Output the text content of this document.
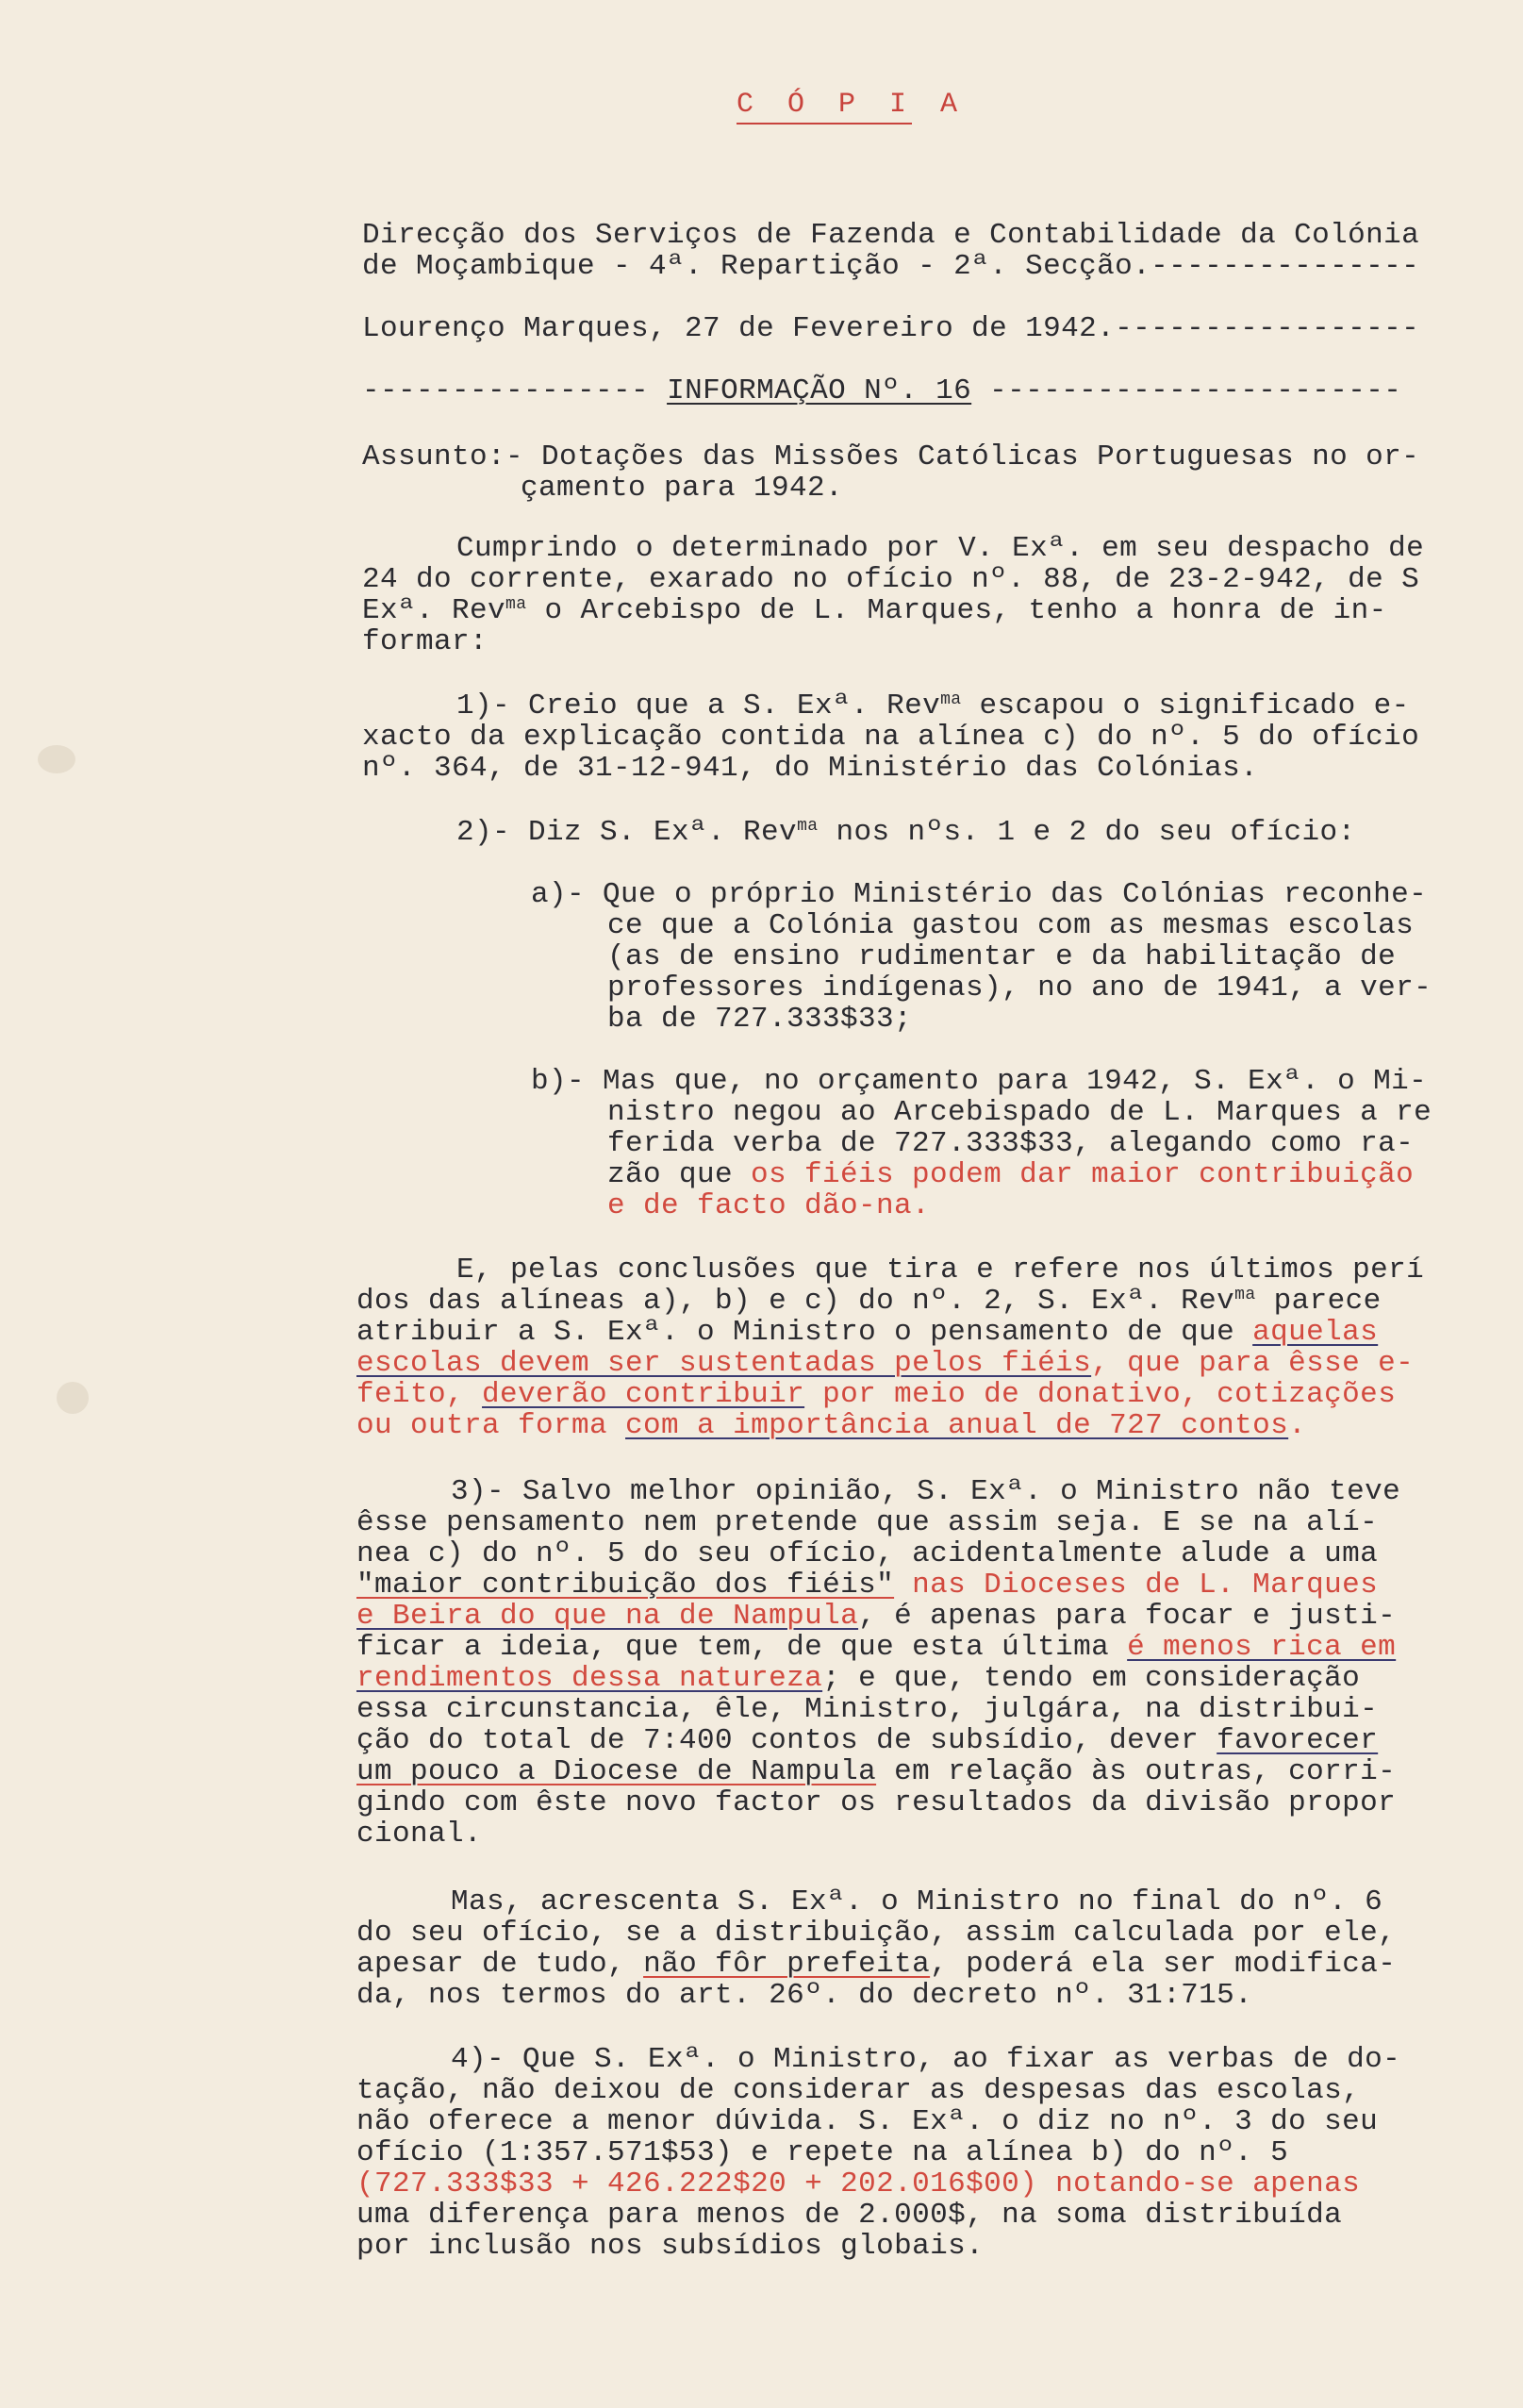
C Ó P I A
Direcção dos Serviços de Fazenda e Contabilidade da Colónia
de Moçambique - 4ª. Repartição - 2ª. Secção.---------------
Lourenço Marques, 27 de Fevereiro de 1942.-----------------
---------------- INFORMAÇÃO Nº. 16 -----------------------
Assunto:- Dotações das Missões Católicas Portuguesas no or-
çamento para 1942.
Cumprindo o determinado por V. Exª. em seu despacho de
24 do corrente, exarado no ofício nº. 88, de 23-2-942, de S
Exª. Rev$^{ma}$ o Arcebispo de L. Marques, tenho a honra de in-
formar:
1)- Creio que a S. Exª. Rev$^{ma}$ escapou o significado e-
xacto da explicação contida na alínea c) do nº. 5 do ofício
nº. 364, de 31-12-941, do Ministério das Colónias.
2)- Diz S. Exª. Rev$^{ma}$ nos nºs. 1 e 2 do seu ofício:
a)- Que o próprio Ministério das Colónias reconhe-
ce que a Colónia gastou com as mesmas escolas
(as de ensino rudimentar e da habilitação de
professores indígenas), no ano de 1941, a ver-
ba de 727.333$33;
b)- Mas que, no orçamento para 1942, S. Exª. o Mi-
nistro negou ao Arcebispado de L. Marques a re
ferida verba de 727.333$33, alegando como ra-
zão que os fiéis podem dar maior contribuição
e de facto dão-na.
E, pelas conclusões que tira e refere nos últimos perí
dos das alíneas a), b) e c) do nº. 2, S. Exª. Rev$^{ma}$ parece
atribuir a S. Exª. o Ministro o pensamento de que aquelas
escolas devem ser sustentadas pelos fiéis, que para êsse e-
feito, deverão contribuir por meio de donativo, cotizações
ou outra forma com a importância anual de 727 contos.
3)- Salvo melhor opinião, S. Exª. o Ministro não teve
êsse pensamento nem pretende que assim seja. E se na alí-
nea c) do nº. 5 do seu ofício, acidentalmente alude a uma
"maior contribuição dos fiéis" nas Dioceses de L. Marques
e Beira do que na de Nampula, é apenas para focar e justi-
ficar a ideia, que tem, de que esta última é menos rica em
rendimentos dessa natureza; e que, tendo em consideração
essa circunstancia, êle, Ministro, julgára, na distribui-
ção do total de 7:400 contos de subsídio, dever favorecer
um pouco a Diocese de Nampula em relação às outras, corri-
gindo com êste novo factor os resultados da divisão propor
cional.
Mas, acrescenta S. Exª. o Ministro no final do nº. 6
do seu ofício, se a distribuição, assim calculada por ele,
apesar de tudo, não fôr prefeita, poderá ela ser modifica-
da, nos termos do art. 26º. do decreto nº. 31:715.
4)- Que S. Exª. o Ministro, ao fixar as verbas de do-
tação, não deixou de considerar as despesas das escolas,
não oferece a menor dúvida. S. Exª. o diz no nº. 3 do seu
ofício (1:357.571$53) e repete na alínea b) do nº. 5
(727.333$33 + 426.222$20 + 202.016$00) notando-se apenas
uma diferença para menos de 2.000$, na soma distribuída
por inclusão nos subsídios globais.
